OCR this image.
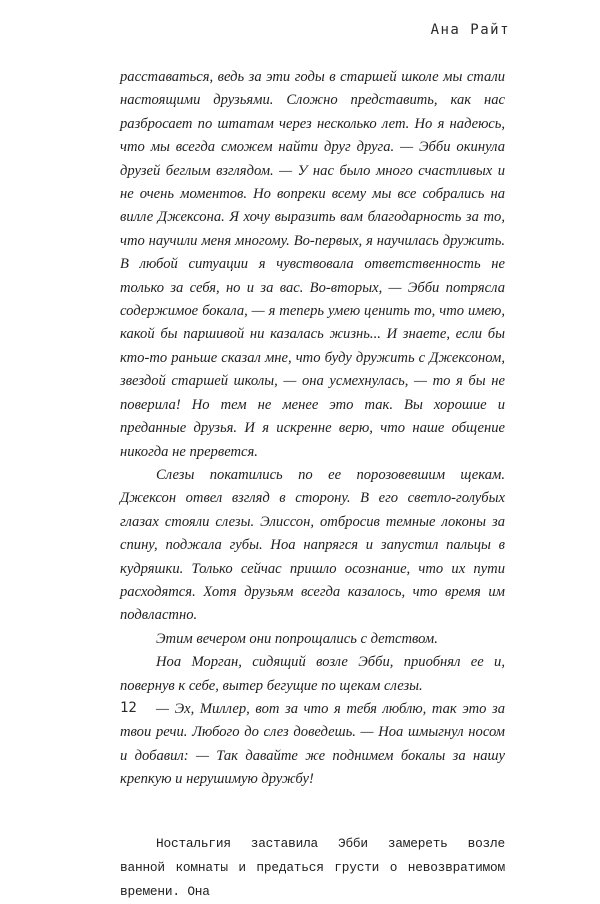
Ана Райт

расставаться, ведь за эти годы в старшей школе мы стали настоящими друзьями. Сложно представить, как нас разбросает по штатам через несколько лет. Но я надеюсь, что мы всегда сможем найти друг друга. — Эбби окинула друзей беглым взглядом. — У нас было много счастливых и не очень моментов. Но вопреки всему мы все собрались на вилле Джексона. Я хочу выразить вам благодарность за то, что научили меня многому. Во-первых, я научилась дружить. В любой ситуации я чувствовала ответственность не только за себя, но и за вас. Во-вторых, — Эбби потрясла содержимое бокала, — я теперь умею ценить то, что имею, какой бы паршивой ни казалась жизнь... И знаете, если бы кто-то раньше сказал мне, что буду дружить с Джексоном, звездой старшей школы, — она усмехнулась, — то я бы не поверила! Но тем не менее это так. Вы хорошие и преданные друзья. И я искренне верю, что наше общение никогда не прервется.

Слезы покатились по ее порозовевшим щекам. Джексон отвел взгляд в сторону. В его светло-голубых глазах стояли слезы. Элиссон, отбросив темные локоны за спину, поджала губы. Ноа напрягся и запустил пальцы в кудряшки. Только сейчас пришло осознание, что их пути расходятся. Хотя друзьям всегда казалось, что время им подвластно.

Этим вечером они попрощались с детством.

Ноа Морган, сидящий возле Эбби, приобнял ее и, повернув к себе, вытер бегущие по щекам слезы.

— Эх, Миллер, вот за что я тебя люблю, так это за твои речи. Любого до слез доведешь. — Ноа шмыгнул носом и добавил: — Так давайте же поднимем бокалы за нашу крепкую и нерушимую дружбу!

Ностальгия заставила Эбби замереть возле ванной комнаты и предаться грусти о невозвратимом времени. Она

12
